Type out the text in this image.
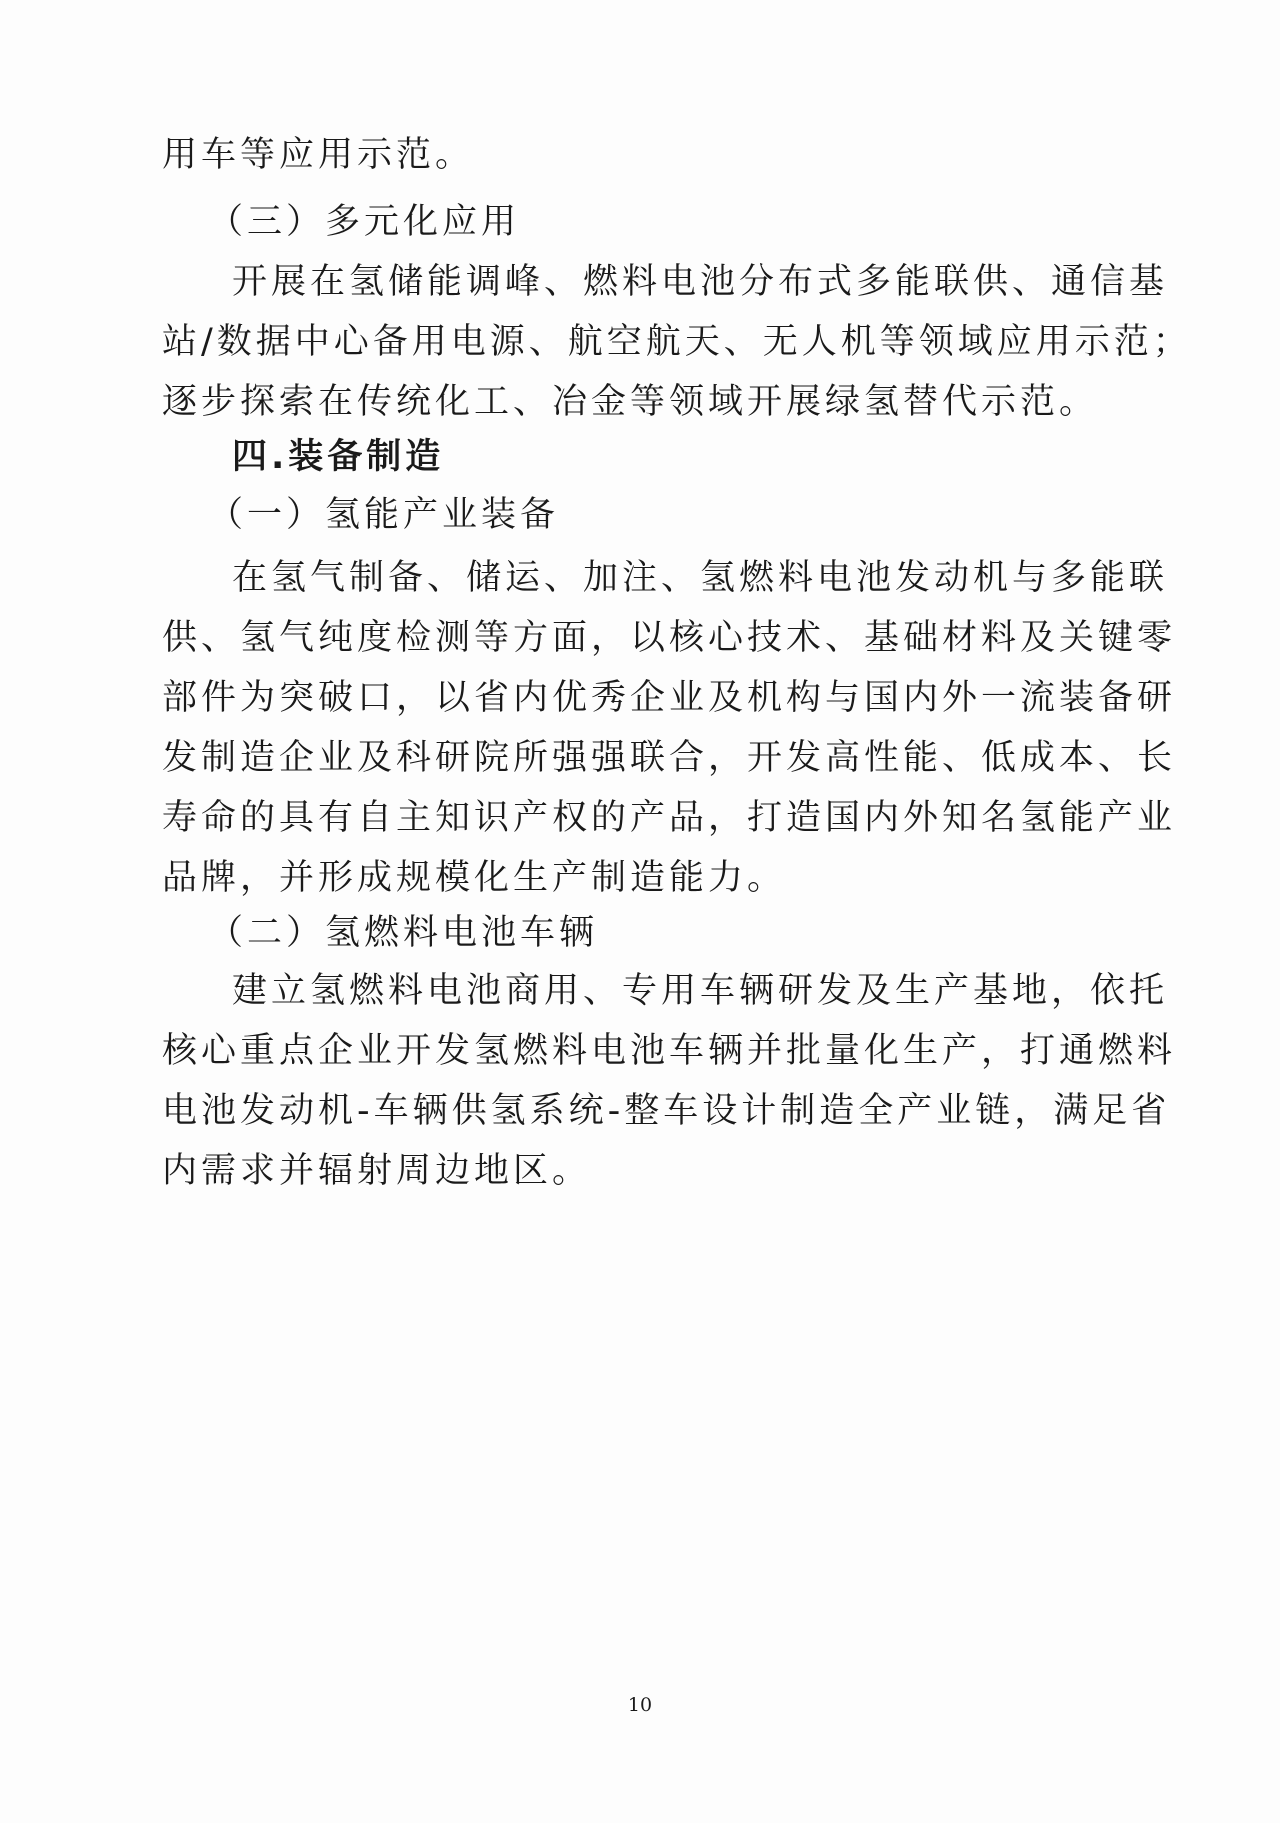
用车等应用示范。
（三）多元化应用
开展在氢储能调峰、燃料电池分布式多能联供、通信基
站/数据中心备用电源、航空航天、无人机等领域应用示范；
逐步探索在传统化工、冶金等领域开展绿氢替代示范。
四.装备制造
（一）氢能产业装备
在氢气制备、储运、加注、氢燃料电池发动机与多能联
供、氢气纯度检测等方面，以核心技术、基础材料及关键零
部件为突破口，以省内优秀企业及机构与国内外一流装备研
发制造企业及科研院所强强联合，开发高性能、低成本、长
寿命的具有自主知识产权的产品，打造国内外知名氢能产业
品牌，并形成规模化生产制造能力。
（二）氢燃料电池车辆
建立氢燃料电池商用、专用车辆研发及生产基地，依托
核心重点企业开发氢燃料电池车辆并批量化生产，打通燃料
电池发动机-车辆供氢系统-整车设计制造全产业链，满足省
内需求并辐射周边地区。
10
